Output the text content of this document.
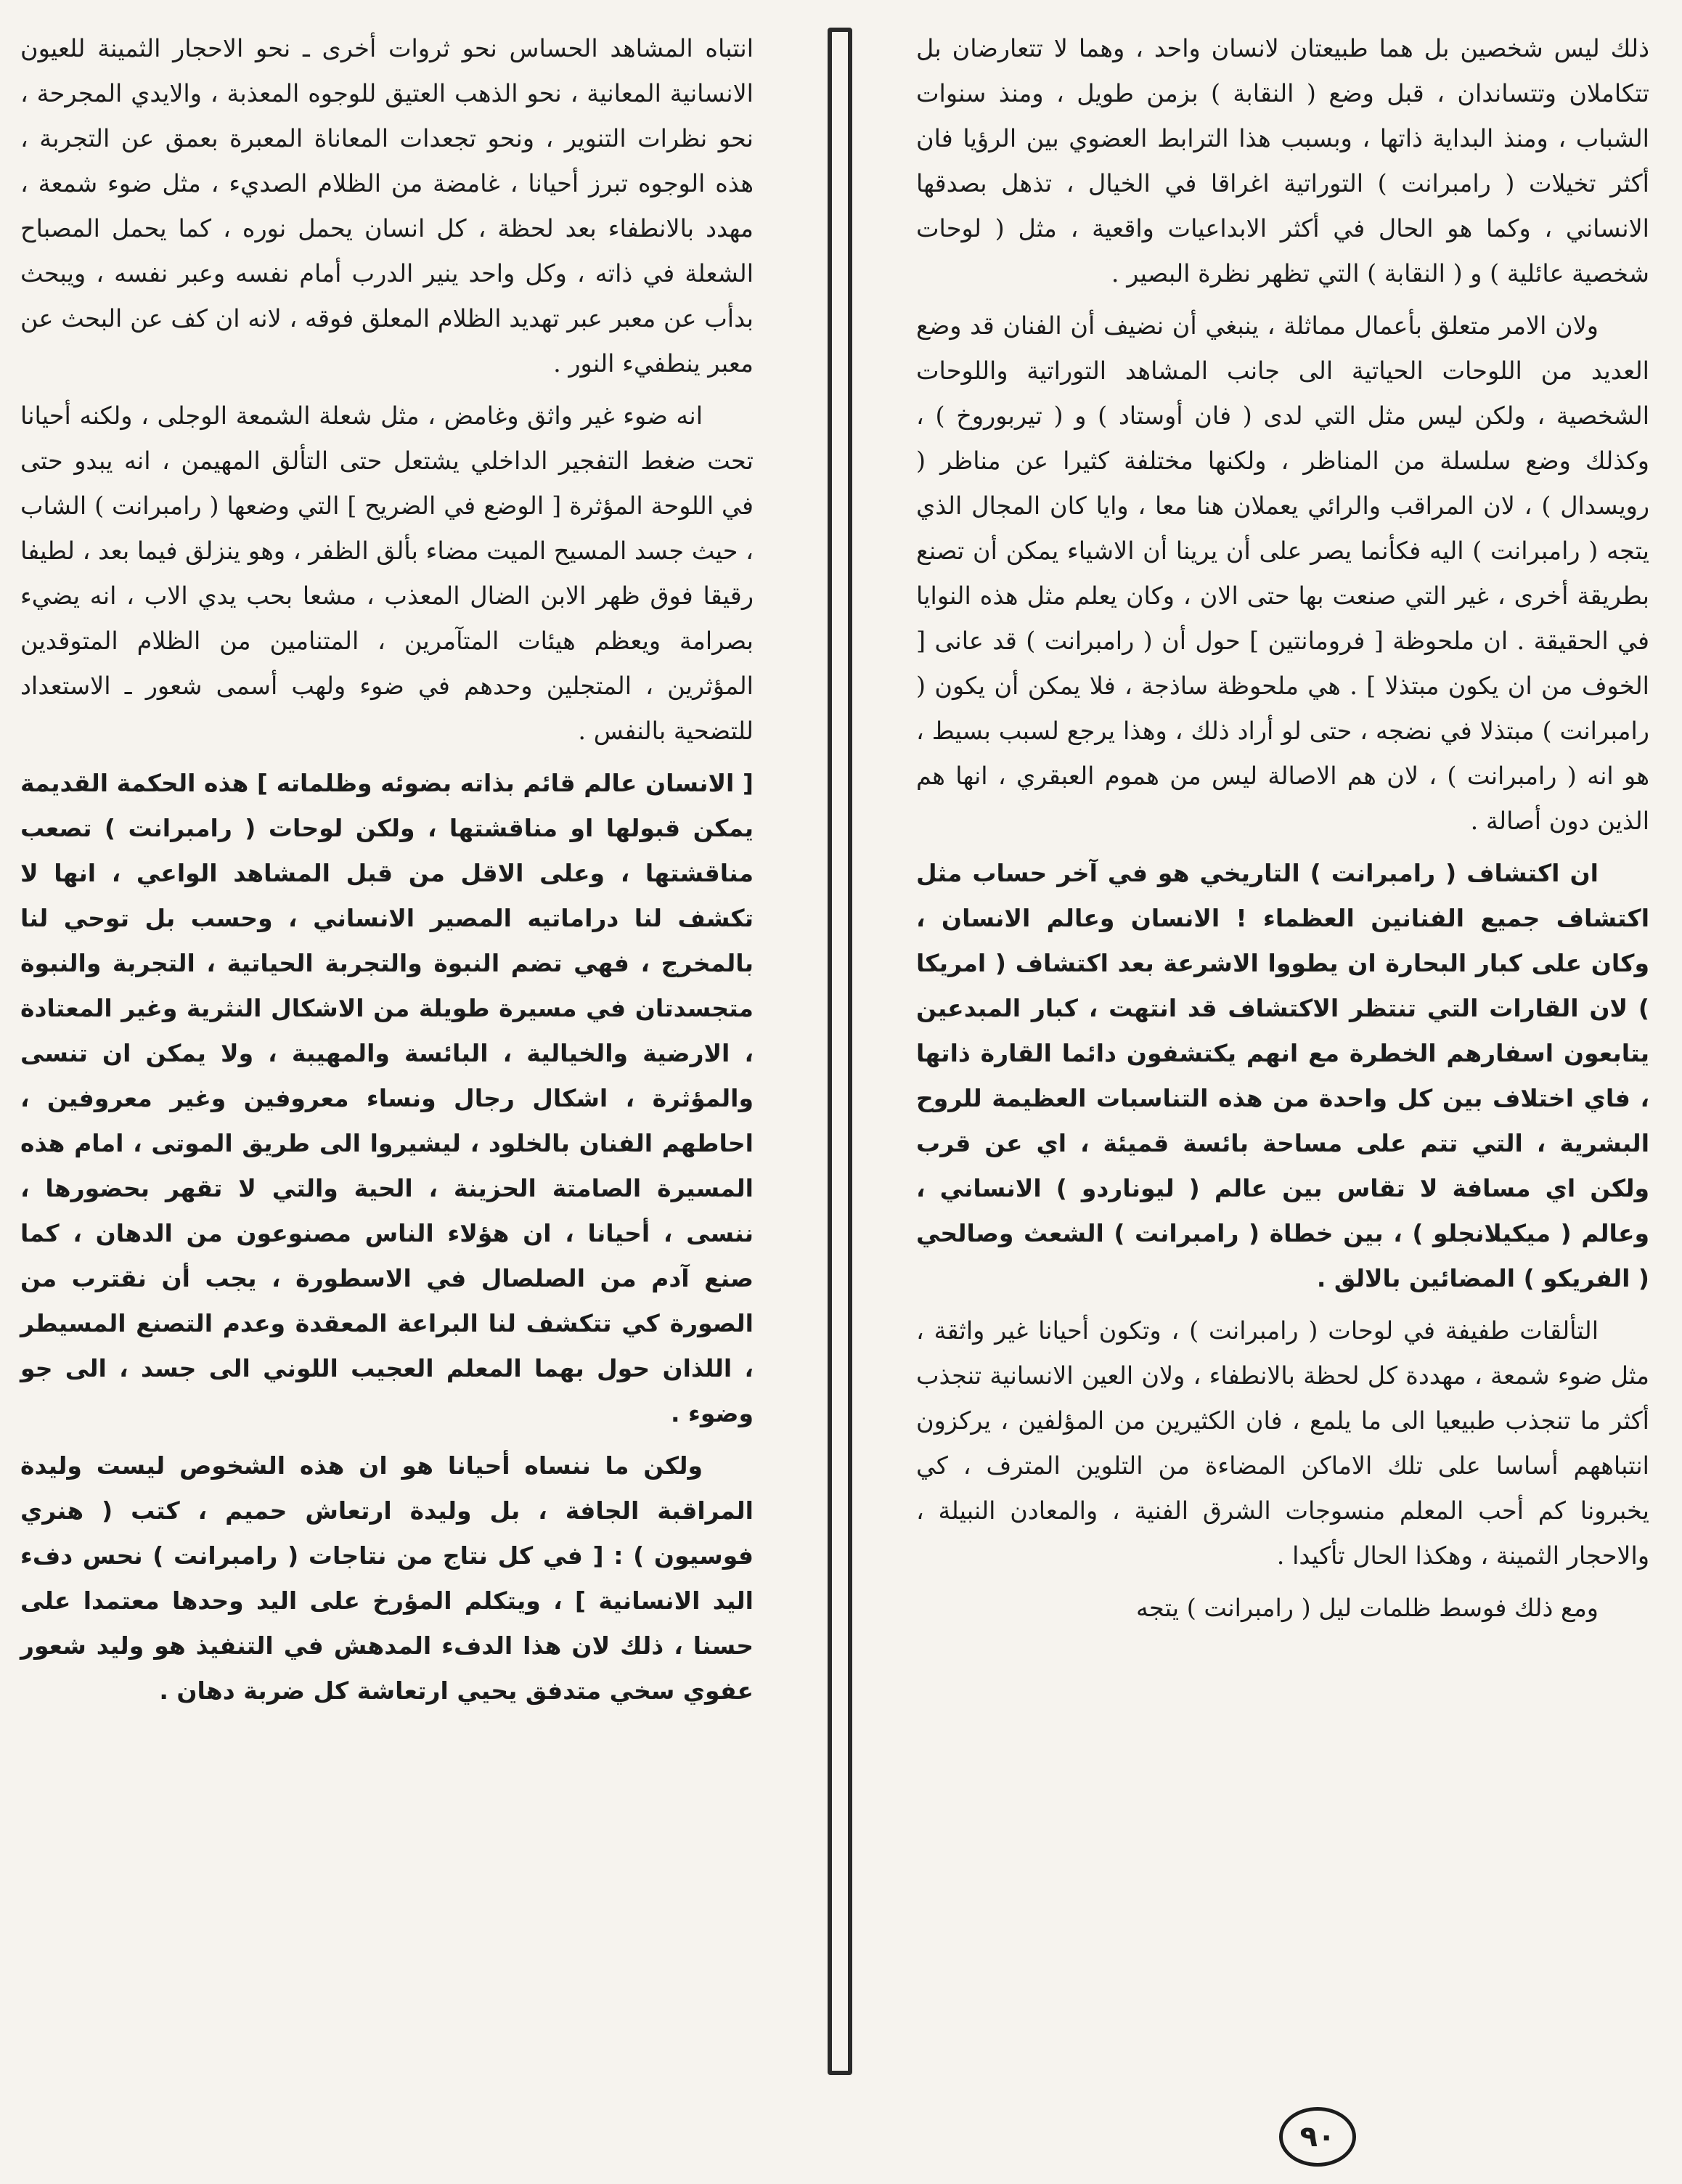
ذلك ليس شخصين بل هما طبيعتان لانسان واحد ، وهما لا تتعارضان بل تتكاملان وتتساندان ، قبل وضع ( النقابة ) بزمن طويل ، ومنذ سنوات الشباب ، ومنذ البداية ذاتها ، وبسبب هذا الترابط العضوي بين الرؤيا فان أكثر تخيلات ( رامبرانت ) التوراتية اغراقا في الخيال ، تذهل بصدقها الانساني ، وكما هو الحال في أكثر الابداعيات واقعية ، مثل ( لوحات شخصية عائلية ) و ( النقابة ) التي تظهر نظرة البصير .

ولان الامر متعلق بأعمال مماثلة ، ينبغي أن نضيف أن الفنان قد وضع العديد من اللوحات الحياتية الى جانب المشاهد التوراتية واللوحات الشخصية ، ولكن ليس مثل التي لدى ( فان أوستاد ) و ( تيربوروخ ) ، وكذلك وضع سلسلة من المناظر ، ولكنها مختلفة كثيرا عن مناظر ( رويسدال ) ، لان المراقب والرائي يعملان هنا معا ، وايا كان المجال الذي يتجه ( رامبرانت ) اليه فكأنما يصر على أن يرينا أن الاشياء يمكن أن تصنع بطريقة أخرى ، غير التي صنعت بها حتى الان ، وكان يعلم مثل هذه النوايا في الحقيقة . ان ملحوظة [ فرومانتين ] حول أن ( رامبرانت ) قد عانى [ الخوف من ان يكون مبتذلا ] . هي ملحوظة ساذجة ، فلا يمكن أن يكون ( رامبرانت ) مبتذلا في نضجه ، حتى لو أراد ذلك ، وهذا يرجع لسبب بسيط ، هو انه ( رامبرانت ) ، لان هم الاصالة ليس من هموم العبقري ، انها هم الذين دون أصالة .

ان اكتشاف ( رامبرانت ) التاريخي هو في آخر حساب مثل اكتشاف جميع الفنانين العظماء ! الانسان وعالم الانسان ، وكان على كبار البحارة ان يطووا الاشرعة بعد اكتشاف ( امريكا ) لان القارات التي تنتظر الاكتشاف قد انتهت ، كبار المبدعين يتابعون اسفارهم الخطرة مع انهم يكتشفون دائما القارة ذاتها ، فاي اختلاف بين كل واحدة من هذه التناسبات العظيمة للروح البشرية ، التي تتم على مساحة بائسة قميئة ، اي عن قرب ولكن اي مسافة لا تقاس بين عالم ( ليوناردو ) الانساني ، وعالم ( ميكيلانجلو ) ، بين خطاة ( رامبرانت ) الشعث وصالحي ( الفريكو ) المضائين بالالق .

التألقات طفيفة في لوحات ( رامبرانت ) ، وتكون أحيانا غير واثقة ، مثل ضوء شمعة ، مهددة كل لحظة بالانطفاء ، ولان العين الانسانية تنجذب أكثر ما تنجذب طبيعيا الى ما يلمع ، فان الكثيرين من المؤلفين ، يركزون انتباههم أساسا على تلك الاماكن المضاءة من التلوين المترف ، كي يخبرونا كم أحب المعلم منسوجات الشرق الفنية ، والمعادن النبيلة ، والاحجار الثمينة ، وهكذا الحال تأكيدا .

ومع ذلك فوسط ظلمات ليل ( رامبرانت ) يتجه

انتباه المشاهد الحساس نحو ثروات أخرى ـ نحو الاحجار الثمينة للعيون الانسانية المعانية ، نحو الذهب العتيق للوجوه المعذبة ، والايدي المجرحة ، نحو نظرات التنوير ، ونحو تجعدات المعاناة المعبرة بعمق عن التجربة ، هذه الوجوه تبرز أحيانا ، غامضة من الظلام الصديء ، مثل ضوء شمعة ، مهدد بالانطفاء بعد لحظة ، كل انسان يحمل نوره ، كما يحمل المصباح الشعلة في ذاته ، وكل واحد ينير الدرب أمام نفسه وعبر نفسه ، ويبحث بدأب عن معبر عبر تهديد الظلام المعلق فوقه ، لانه ان كف عن البحث عن معبر ينطفيء النور .

انه ضوء غير واثق وغامض ، مثل شعلة الشمعة الوجلى ، ولكنه أحيانا تحت ضغط التفجير الداخلي يشتعل حتى التألق المهيمن ، انه يبدو حتى في اللوحة المؤثرة [ الوضع في الضريح ] التي وضعها ( رامبرانت ) الشاب ، حيث جسد المسيح الميت مضاء بألق الظفر ، وهو ينزلق فيما بعد ، لطيفا رقيقا فوق ظهر الابن الضال المعذب ، مشعا بحب يدي الاب ، انه يضيء بصرامة ويعظم هيئات المتآمرين ، المتنامين من الظلام المتوقدين المؤثرين ، المتجلين وحدهم في ضوء ولهب أسمى شعور ـ الاستعداد للتضحية بالنفس .

[ الانسان عالم قائم بذاته بضوئه وظلماته ] هذه الحكمة القديمة يمكن قبولها او مناقشتها ، ولكن لوحات ( رامبرانت ) تصعب مناقشتها ، وعلى الاقل من قبل المشاهد الواعي ، انها لا تكشف لنا دراماتيه المصير الانساني ، وحسب بل توحي لنا بالمخرج ، فهي تضم النبوة والتجربة الحياتية ، التجربة والنبوة متجسدتان في مسيرة طويلة من الاشكال النثرية وغير المعتادة ، الارضية والخيالية ، البائسة والمهيبة ، ولا يمكن ان تنسى والمؤثرة ، اشكال رجال ونساء معروفين وغير معروفين ، احاطهم الفنان بالخلود ، ليشيروا الى طريق الموتى ، امام هذه المسيرة الصامتة الحزينة ، الحية والتي لا تقهر بحضورها ، ننسى ، أحيانا ، ان هؤلاء الناس مصنوعون من الدهان ، كما صنع آدم من الصلصال في الاسطورة ، يجب أن نقترب من الصورة كي تتكشف لنا البراعة المعقدة وعدم التصنع المسيطر ، اللذان حول بهما المعلم العجيب اللوني الى جسد ، الى جو وضوء .

ولكن ما ننساه أحيانا هو ان هذه الشخوص ليست وليدة المراقبة الجافة ، بل وليدة ارتعاش حميم ، كتب ( هنري فوسيون ) : [ في كل نتاج من نتاجات ( رامبرانت ) نحس دفء اليد الانسانية ] ، ويتكلم المؤرخ على اليد وحدها معتمدا على حسنا ، ذلك لان هذا الدفء المدهش في التنفيذ هو وليد شعور عفوي سخي متدفق يحيي ارتعاشة كل ضربة دهان .

٩٠
